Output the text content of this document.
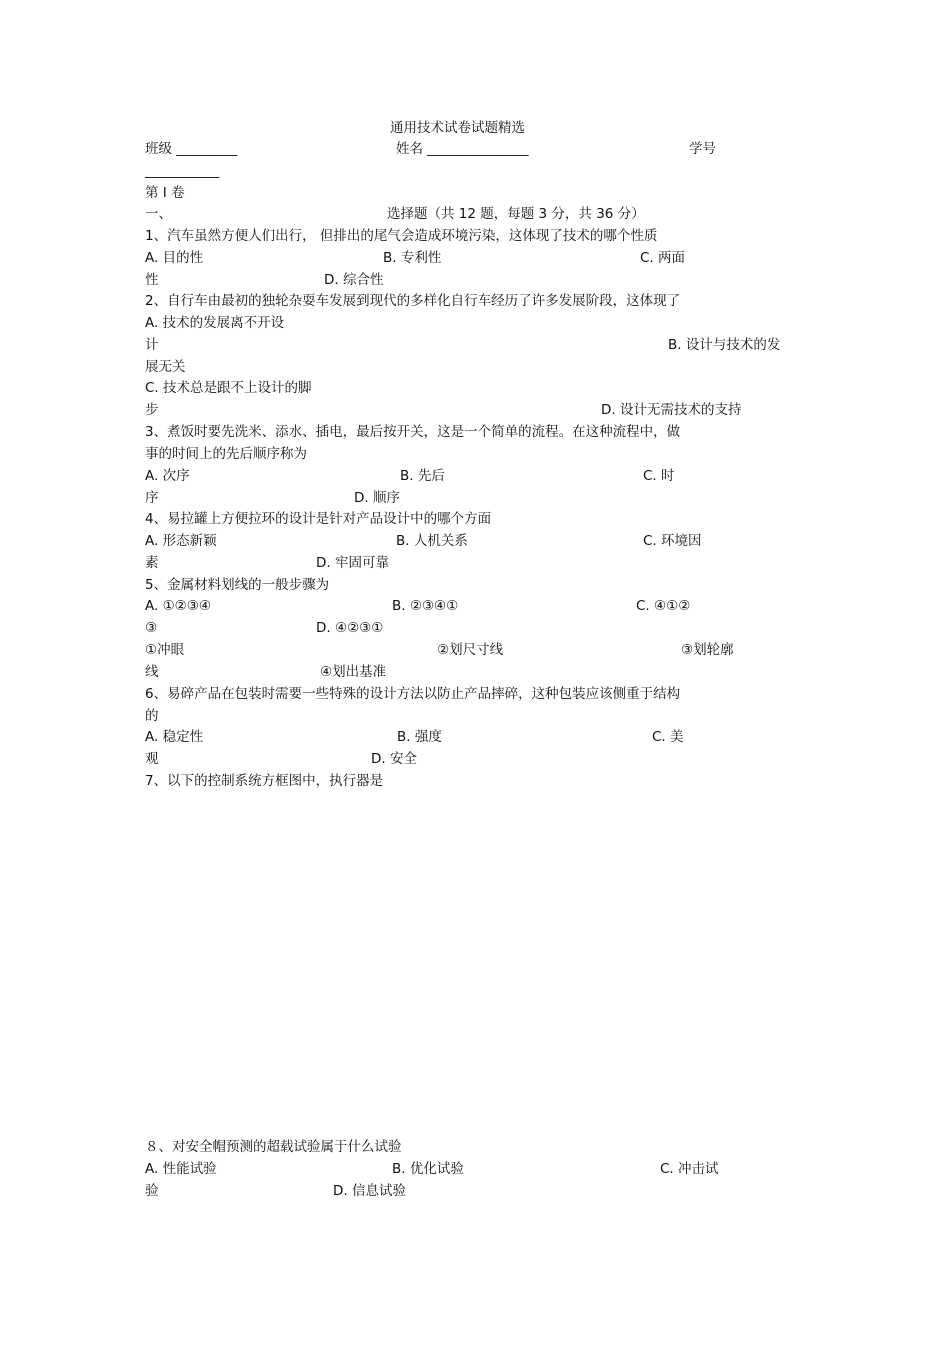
通用技术试卷试题精选
班级 _________	姓名 _______________	学号
___________
第 I 卷
一、	选择题（共 12 题，每题 3 分，共 36 分）
1、汽车虽然方便人们出行， 但排出的尾气会造成环境污染，这体现了技术的哪个性质
A. 目的性	B. 专利性	C. 两面
性	D. 综合性
2、自行车由最初的独轮杂耍车发展到现代的多样化自行车经历了许多发展阶段，这体现了
A. 技术的发展离不开设
计	B. 设计与技术的发
展无关
C. 技术总是跟不上设计的脚
步	D. 设计无需技术的支持
3、煮饭时要先洗米、添水、插电，最后按开关，这是一个简单的流程。在这种流程中，做
事的时间上的先后顺序称为
A. 次序	B. 先后	C. 时
序	D. 顺序
4、易拉罐上方便拉环的设计是针对产品设计中的哪个方面
A. 形态新颖	B. 人机关系	C. 环境因
素	D. 牢固可靠
5、金属材料划线的一般步骤为
A. ①②③④	B. ②③④①	C. ④①②
③	D. ④②③①
①冲眼	②划尺寸线	③划轮廓
线	④划出基准
6、易碎产品在包装时需要一些特殊的设计方法以防止产品摔碎，这种包装应该侧重于结构
的
A. 稳定性	B. 强度	C. 美
观	D. 安全
7、以下的控制系统方框图中，执行器是
８、对安全帽预测的超载试验属于什么试验
A. 性能试验	B. 优化试验	C. 冲击试
验	D. 信息试验
